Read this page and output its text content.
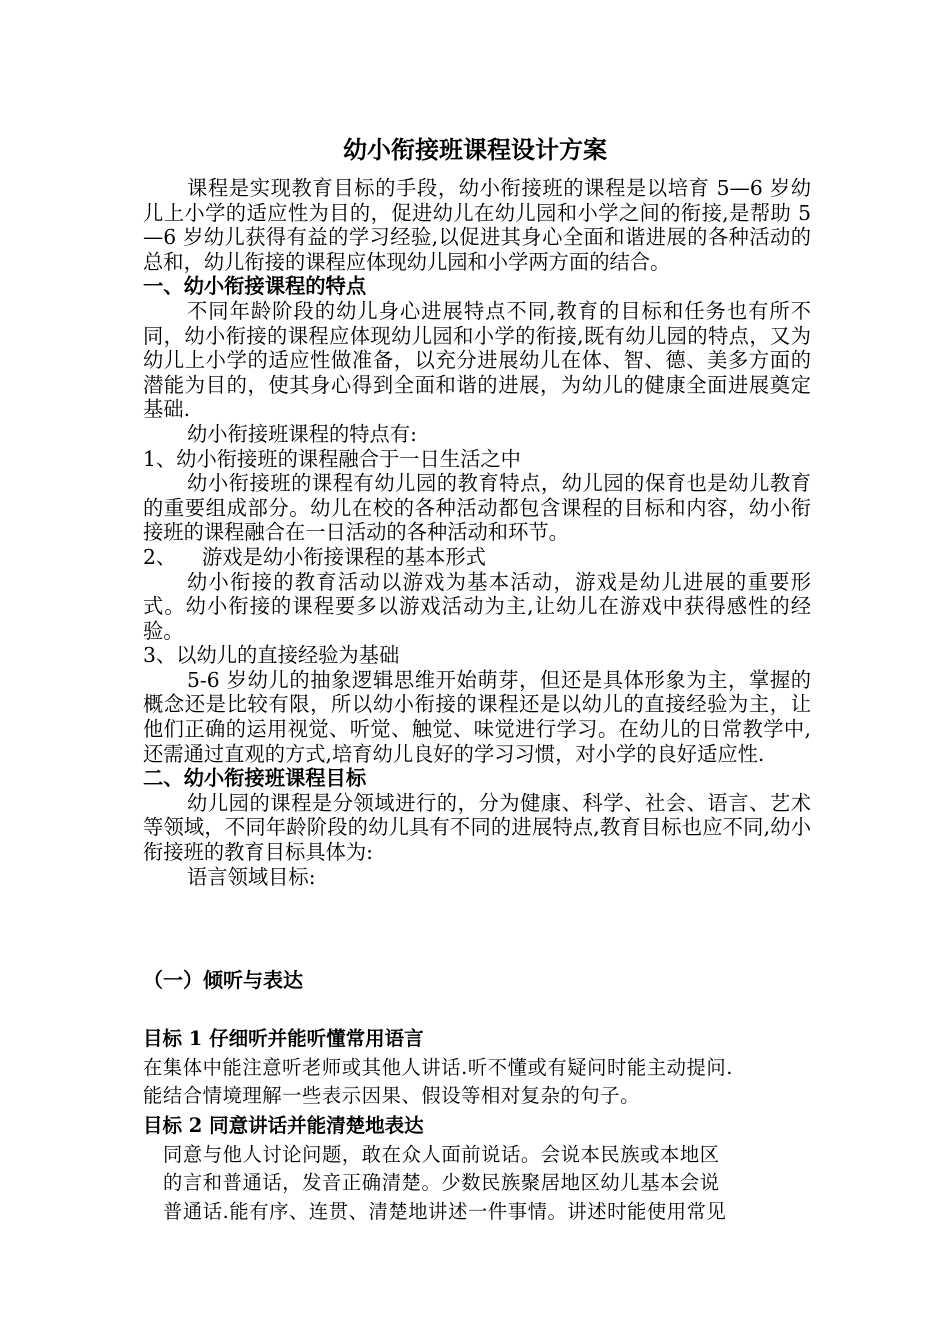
幼小衔接班课程设计方案

课程是实现教育目标的手段，幼小衔接班的课程是以培育 5—6 岁幼儿上小学的适应性为目的，促进幼儿在幼儿园和小学之间的衔接,是帮助 5—6 岁幼儿获得有益的学习经验,以促进其身心全面和谐进展的各种活动的总和，幼儿衔接的课程应体现幼儿园和小学两方面的结合。

一、幼小衔接课程的特点

不同年龄阶段的幼儿身心进展特点不同,教育的目标和任务也有所不同，幼小衔接的课程应体现幼儿园和小学的衔接,既有幼儿园的特点，又为幼儿上小学的适应性做准备，以充分进展幼儿在体、智、德、美多方面的潜能为目的，使其身心得到全面和谐的进展，为幼儿的健康全面进展奠定基础.

幼小衔接班课程的特点有:

1、幼小衔接班的课程融合于一日生活之中

幼小衔接班的课程有幼儿园的教育特点，幼儿园的保育也是幼儿教育的重要组成部分。幼儿在校的各种活动都包含课程的目标和内容，幼小衔接班的课程融合在一日活动的各种活动和环节。

2、    游戏是幼小衔接课程的基本形式

幼小衔接的教育活动以游戏为基本活动，游戏是幼儿进展的重要形式。幼小衔接的课程要多以游戏活动为主,让幼儿在游戏中获得感性的经验。

3、以幼儿的直接经验为基础

5-6 岁幼儿的抽象逻辑思维开始萌芽，但还是具体形象为主，掌握的概念还是比较有限，所以幼小衔接的课程还是以幼儿的直接经验为主，让他们正确的运用视觉、听觉、触觉、味觉进行学习。在幼儿的日常教学中,还需通过直观的方式,培育幼儿良好的学习习惯，对小学的良好适应性.

二、幼小衔接班课程目标

幼儿园的课程是分领域进行的，分为健康、科学、社会、语言、艺术等领域，不同年龄阶段的幼儿具有不同的进展特点,教育目标也应不同,幼小衔接班的教育目标具体为:

语言领域目标:

（一）倾听与表达
目标 1 仔细听并能听懂常用语言

在集体中能注意听老师或其他人讲话.听不懂或有疑问时能主动提问.

能结合情境理解一些表示因果、假设等相对复杂的句子。

目标 2 同意讲话并能清楚地表达

同意与他人讨论问题，敢在众人面前说话。会说本民族或本地区

的言和普通话，发音正确清楚。少数民族聚居地区幼儿基本会说

普通话.能有序、连贯、清楚地讲述一件事情。讲述时能使用常见
